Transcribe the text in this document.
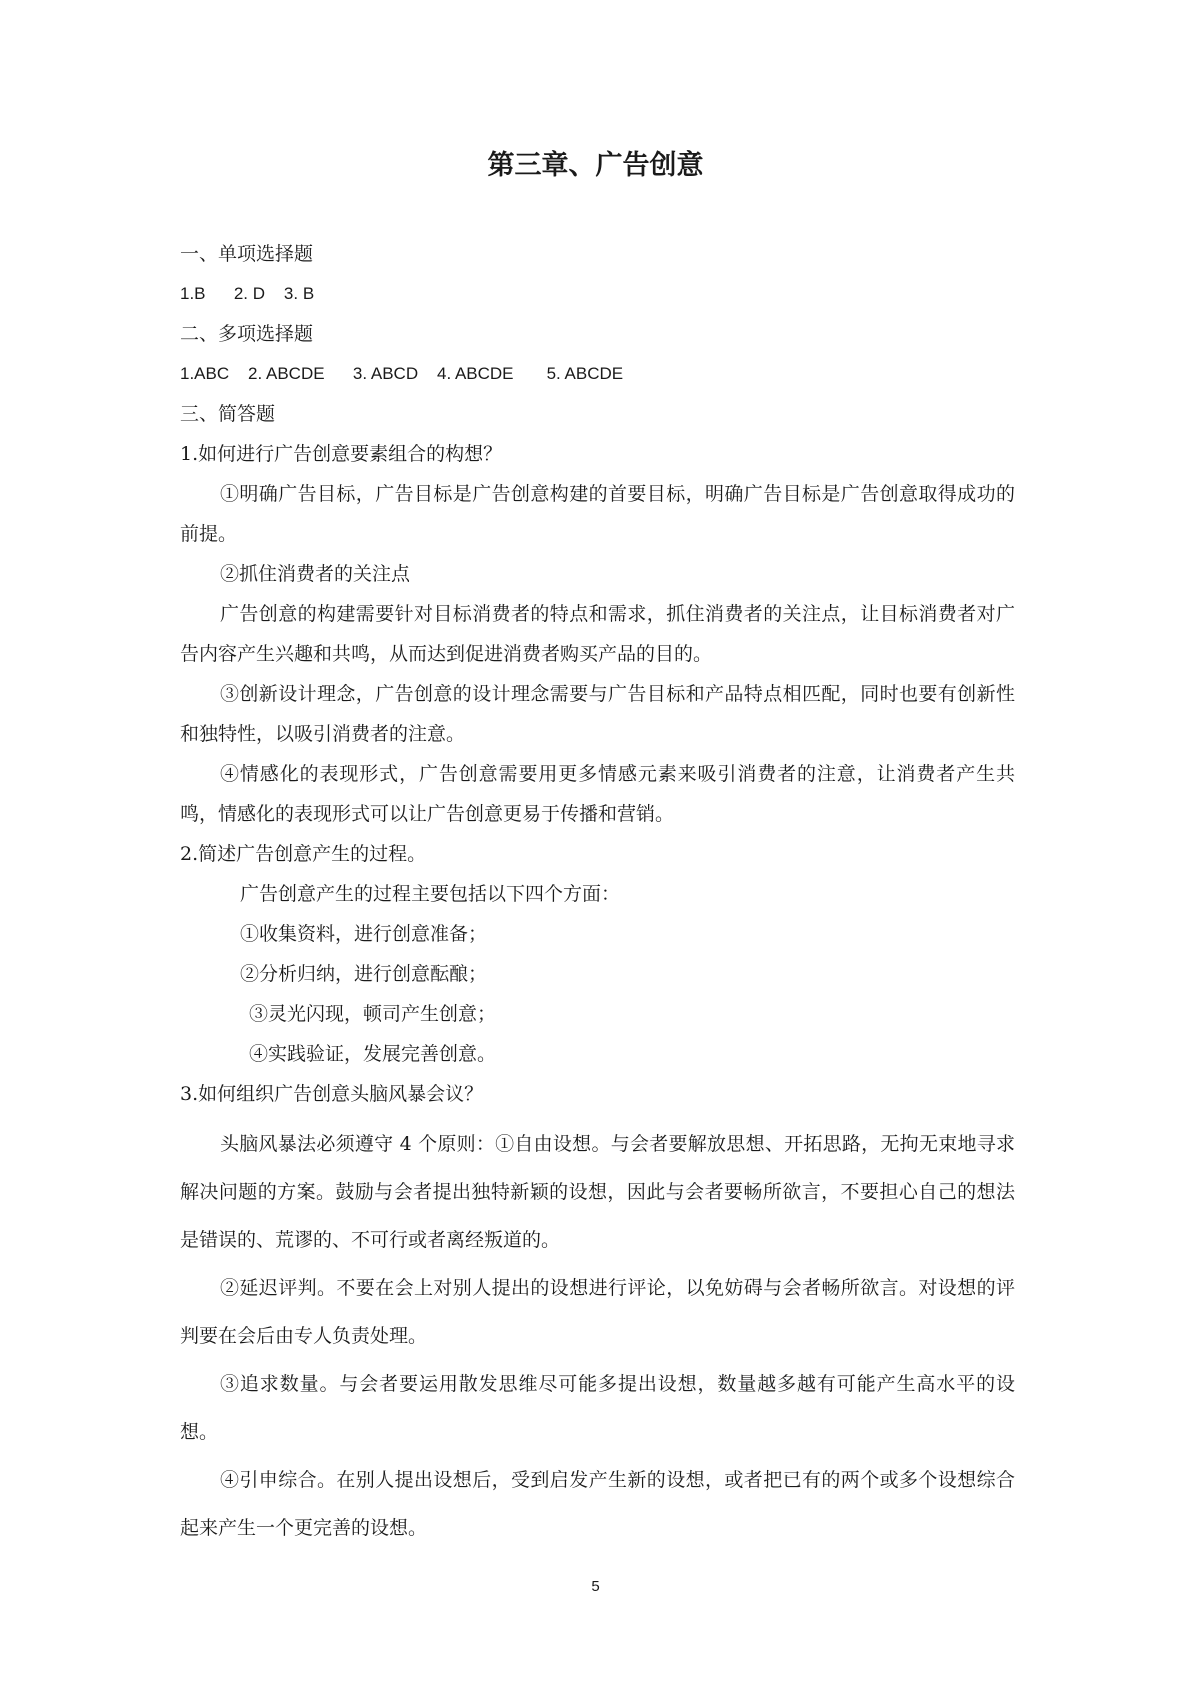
第三章、广告创意
一、单项选择题
1.B      2. D    3. B
二、多项选择题
1.ABC    2. ABCDE      3. ABCD    4. ABCDE       5. ABCDE
三、简答题
1.如何进行广告创意要素组合的构想？
①明确广告目标，广告目标是广告创意构建的首要目标，明确广告目标是广告创意取得成功的前提。
②抓住消费者的关注点
广告创意的构建需要针对目标消费者的特点和需求，抓住消费者的关注点，让目标消费者对广告内容产生兴趣和共鸣，从而达到促进消费者购买产品的目的。
③创新设计理念，广告创意的设计理念需要与广告目标和产品特点相匹配，同时也要有创新性和独特性，以吸引消费者的注意。
④情感化的表现形式，广告创意需要用更多情感元素来吸引消费者的注意，让消费者产生共鸣，情感化的表现形式可以让广告创意更易于传播和营销。
2.简述广告创意产生的过程。
广告创意产生的过程主要包括以下四个方面：
①收集资料，进行创意准备；
②分析归纳，进行创意酝酿；
③灵光闪现，顿司产生创意；
④实践验证，发展完善创意。
3.如何组织广告创意头脑风暴会议？
头脑风暴法必须遵守 4 个原则：①自由设想。与会者要解放思想、开拓思路，无拘无束地寻求解决问题的方案。鼓励与会者提出独特新颖的设想，因此与会者要畅所欲言，不要担心自己的想法是错误的、荒谬的、不可行或者离经叛道的。
②延迟评判。不要在会上对别人提出的设想进行评论，以免妨碍与会者畅所欲言。对设想的评判要在会后由专人负责处理。
③追求数量。与会者要运用散发思维尽可能多提出设想，数量越多越有可能产生高水平的设想。
④引申综合。在别人提出设想后，受到启发产生新的设想，或者把已有的两个或多个设想综合起来产生一个更完善的设想。
5
